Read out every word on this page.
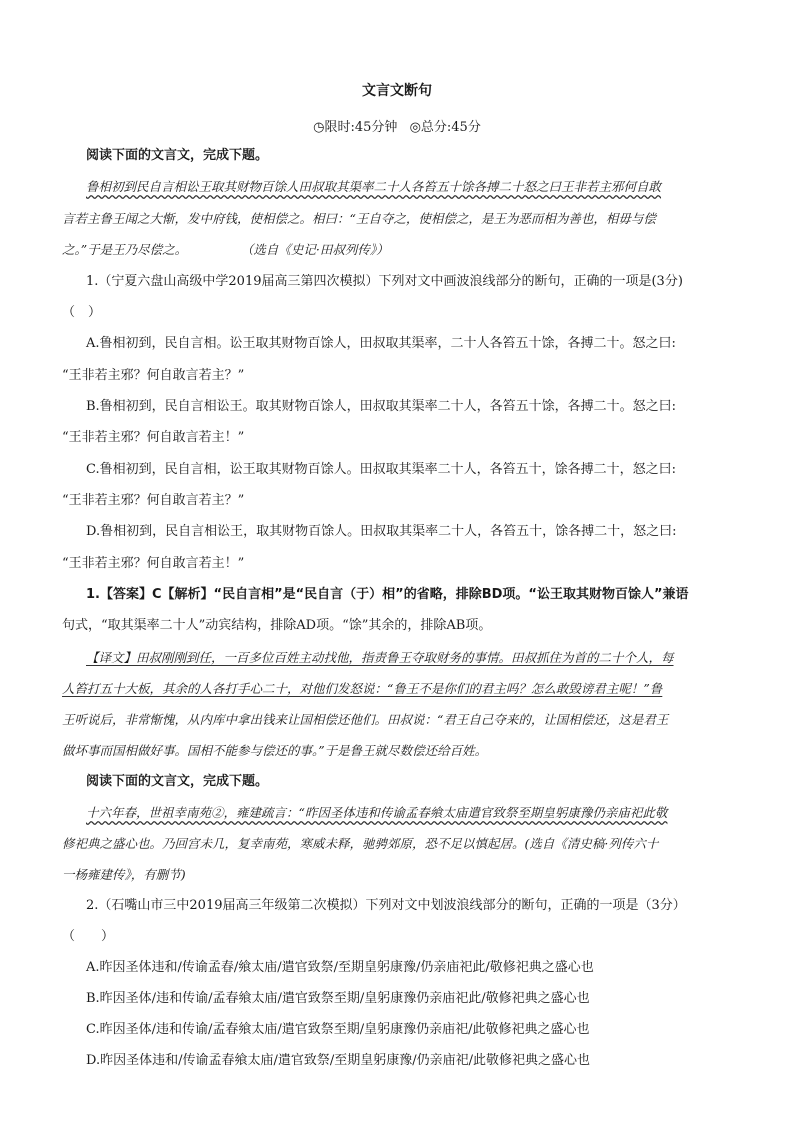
文言文断句
◷限时:45分钟 ◎总分:45分
阅读下面的文言文，完成下题。
鲁相初到民自言相讼王取其财物百馀人田叔取其渠率二十人各笞五十馀各搏二十怒之曰王非若主邪何自敢
言若主鲁王闻之大惭，发中府钱，使相偿之。相曰：“王自夺之，使相偿之，是王为恶而相为善也，相毋与偿
之。”于是王乃尽偿之。	（选自《史记·田叔列传》）
1.（宁夏六盘山高级中学2019届高三第四次模拟）下列对文中画波浪线部分的断句，正确的一项是(3分)
（　）
A.鲁相初到，民自言相。讼王取其财物百馀人，田叔取其渠率，二十人各笞五十馀，各搏二十。怒之曰:
“王非若主邪？何自敢言若主？”
B.鲁相初到，民自言相讼王。取其财物百馀人，田叔取其渠率二十人，各笞五十馀，各搏二十。怒之曰:
“王非若主邪？何自敢言若主！”
C.鲁相初到，民自言相，讼王取其财物百馀人。田叔取其渠率二十人，各笞五十，馀各搏二十，怒之曰:
“王非若主邪？何自敢言若主？”
D.鲁相初到，民自言相讼王，取其财物百馀人。田叔取其渠率二十人，各笞五十，馀各搏二十，怒之曰:
“王非若主邪？何自敢言若主！”
1.【答案】C【解析】“民自言相”是“民自言（于）相”的省略，排除BD项。“讼王取其财物百馀人”兼语
句式，“取其渠率二十人”动宾结构，排除AD项。“馀”其余的，排除AB项。
【译文】田叔刚刚到任，一百多位百姓主动找他，指责鲁王夺取财务的事情。田叔抓住为首的二十个人，每
人笞打五十大板，其余的人各打手心二十，对他们发怒说：“鲁王不是你们的君主吗？怎么敢毁谤君主呢！”鲁
王听说后，非常惭愧，从内库中拿出钱来让国相偿还他们。田叔说：“君王自己夺来的，让国相偿还，这是君王
做坏事而国相做好事。国相不能参与偿还的事。”于是鲁王就尽数偿还给百姓。
阅读下面的文言文，完成下题。
十六年春，世祖幸南苑②，雍建疏言：“昨因圣体违和传谕孟春飨太庙遣官致祭至期皇躬康豫仍亲庙祀此敬
修祀典之盛心也。乃回宫未几，复幸南苑，寒威未释，驰骋郊原，恐不足以慎起居。(选自《清史稿·列传六十
一杨雍建传》，有删节)
2.（石嘴山市三中2019届高三年级第二次模拟）下列对文中划波浪线部分的断句，正确的一项是（3分）
（　　）
A.昨因圣体违和/传谕孟春/飨太庙/遣官致祭/至期皇躬康豫/仍亲庙祀此/敬修祀典之盛心也
B.昨因圣体/违和传谕/孟春飨太庙/遣官致祭至期/皇躬康豫仍亲庙祀此/敬修祀典之盛心也
C.昨因圣体/违和传谕/孟春飨太庙/遣官致祭至期/皇躬康豫仍亲庙祀/此敬修祀典之盛心也
D.昨因圣体违和/传谕孟春飨太庙/遣官致祭/至期皇躬康豫/仍亲庙祀/此敬修祀典之盛心也
